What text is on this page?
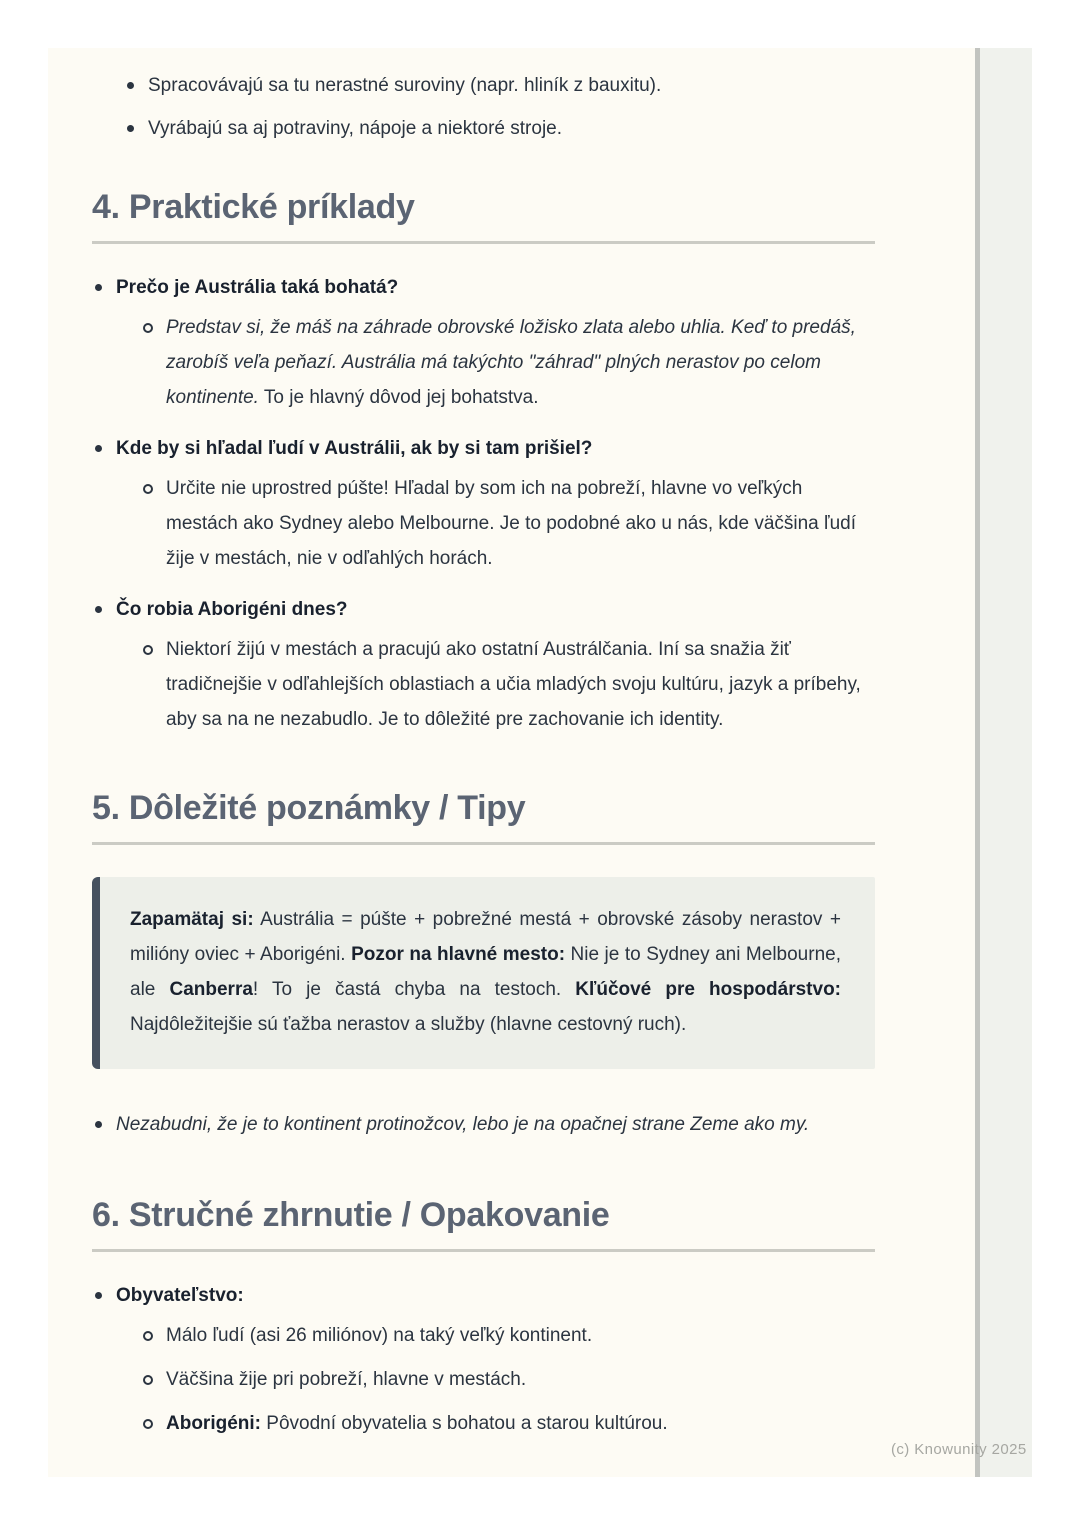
Spracovávajú sa tu nerastné suroviny (napr. hliník z bauxitu).
Vyrábajú sa aj potraviny, nápoje a niektoré stroje.
4. Praktické príklady
Prečo je Austrália taká bohatá?
Predstav si, že máš na záhrade obrovské ložisko zlata alebo uhlia. Keď to predáš, zarobíš veľa peňazí. Austrália má takýchto "záhrad" plných nerastov po celom kontinente. To je hlavný dôvod jej bohatstva.
Kde by si hľadal ľudí v Austrálii, ak by si tam prišiel?
Určite nie uprostred púšte! Hľadal by som ich na pobreží, hlavne vo veľkých mestách ako Sydney alebo Melbourne. Je to podobné ako u nás, kde väčšina ľudí žije v mestách, nie v odľahlých horách.
Čo robia Aborigéni dnes?
Niektorí žijú v mestách a pracujú ako ostatní Austrálčania. Iní sa snažia žiť tradičnejšie v odľahlejších oblastiach a učia mladých svoju kultúru, jazyk a príbehy, aby sa na ne nezabudlo. Je to dôležité pre zachovanie ich identity.
5. Dôležité poznámky / Tipy
Zapamätaj si: Austrália = púšte + pobrežné mestá + obrovské zásoby nerastov + milióny oviec + Aborigéni. Pozor na hlavné mesto: Nie je to Sydney ani Melbourne, ale Canberra! To je častá chyba na testoch. Kľúčové pre hospodárstvo: Najdôležitejšie sú ťažba nerastov a služby (hlavne cestovný ruch).
Nezabudni, že je to kontinent protinožcov, lebo je na opačnej strane Zeme ako my.
6. Stručné zhrnutie / Opakovanie
Obyvateľstvo:
Málo ľudí (asi 26 miliónov) na taký veľký kontinent.
Väčšina žije pri pobreží, hlavne v mestách.
Aborigéni: Pôvodní obyvatelia s bohatou a starou kultúrou.
(c) Knowunity 2025
